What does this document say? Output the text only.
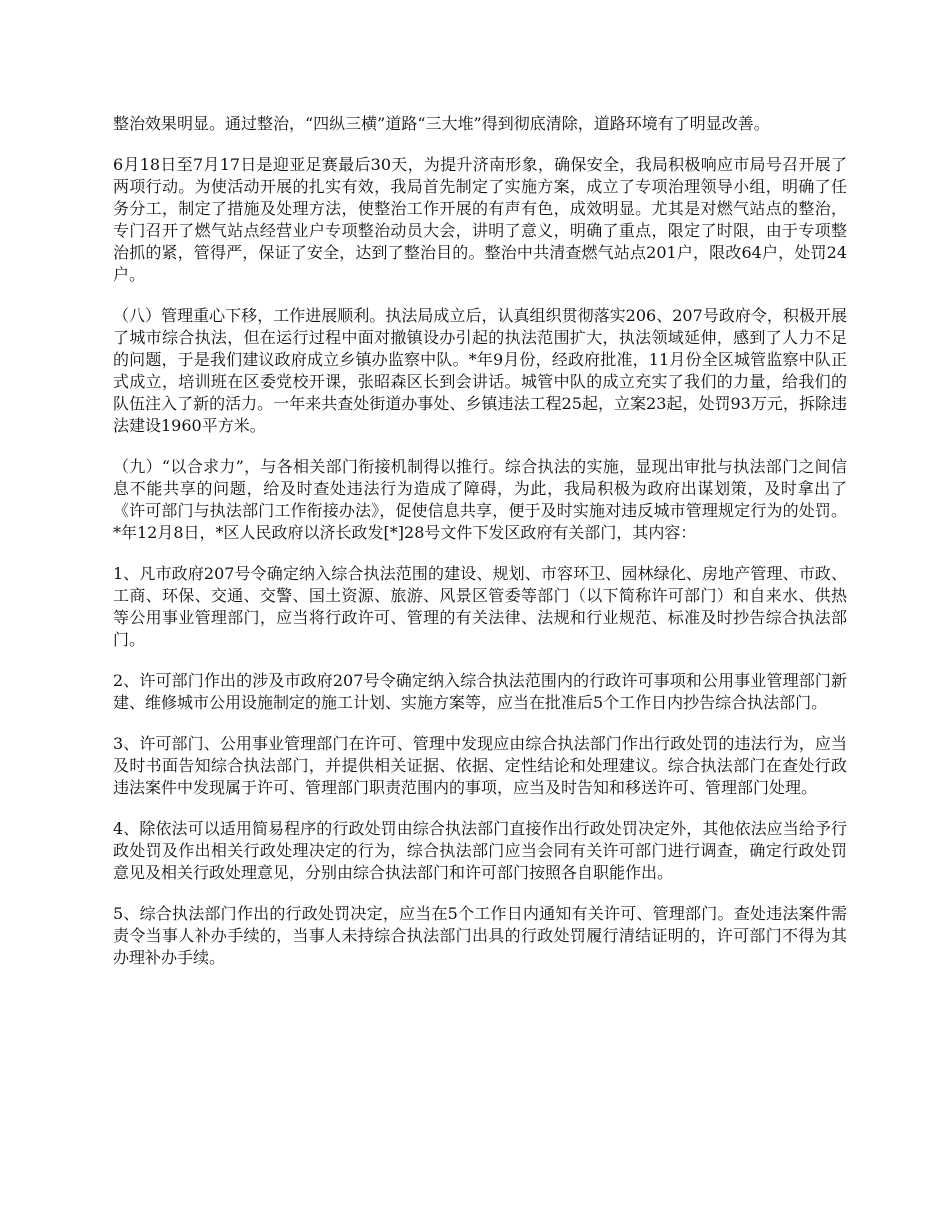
整治效果明显。通过整治，“四纵三横”道路“三大堆”得到彻底清除，道路环境有了明显改善。

6月18日至7月17日是迎亚足赛最后30天，为提升济南形象，确保安全，我局积极响应市局号召开展了两项行动。为使活动开展的扎实有效，我局首先制定了实施方案，成立了专项治理领导小组，明确了任务分工，制定了措施及处理方法，使整治工作开展的有声有色，成效明显。尤其是对燃气站点的整治，专门召开了燃气站点经营业户专项整治动员大会，讲明了意义，明确了重点，限定了时限，由于专项整治抓的紧，管得严，保证了安全，达到了整治目的。整治中共清查燃气站点201户，限改64户，处罚24户。

（八）管理重心下移，工作进展顺利。执法局成立后，认真组织贯彻落实206、207号政府令，积极开展了城市综合执法，但在运行过程中面对撤镇设办引起的执法范围扩大，执法领域延伸，感到了人力不足的问题，于是我们建议政府成立乡镇办监察中队。*年9月份，经政府批准，11月份全区城管监察中队正式成立，培训班在区委党校开课，张昭森区长到会讲话。城管中队的成立充实了我们的力量，给我们的队伍注入了新的活力。一年来共查处街道办事处、乡镇违法工程25起，立案23起，处罚93万元，拆除违法建设1960平方米。

（九）“以合求力”，与各相关部门衔接机制得以推行。综合执法的实施，显现出审批与执法部门之间信息不能共享的问题，给及时查处违法行为造成了障碍，为此，我局积极为政府出谋划策，及时拿出了《许可部门与执法部门工作衔接办法》，促使信息共享，便于及时实施对违反城市管理规定行为的处罚。*年12月8日，*区人民政府以济长政发[*]28号文件下发区政府有关部门，其内容：

1、凡市政府207号令确定纳入综合执法范围的建设、规划、市容环卫、园林绿化、房地产管理、市政、工商、环保、交通、交警、国土资源、旅游、风景区管委等部门（以下简称许可部门）和自来水、供热等公用事业管理部门，应当将行政许可、管理的有关法律、法规和行业规范、标准及时抄告综合执法部门。

2、许可部门作出的涉及市政府207号令确定纳入综合执法范围内的行政许可事项和公用事业管理部门新建、维修城市公用设施制定的施工计划、实施方案等，应当在批准后5个工作日内抄告综合执法部门。

3、许可部门、公用事业管理部门在许可、管理中发现应由综合执法部门作出行政处罚的违法行为，应当及时书面告知综合执法部门，并提供相关证据、依据、定性结论和处理建议。综合执法部门在查处行政违法案件中发现属于许可、管理部门职责范围内的事项，应当及时告知和移送许可、管理部门处理。

4、除依法可以适用简易程序的行政处罚由综合执法部门直接作出行政处罚决定外，其他依法应当给予行政处罚及作出相关行政处理决定的行为，综合执法部门应当会同有关许可部门进行调查，确定行政处罚意见及相关行政处理意见，分别由综合执法部门和许可部门按照各自职能作出。

5、综合执法部门作出的行政处罚决定，应当在5个工作日内通知有关许可、管理部门。查处违法案件需责令当事人补办手续的，当事人未持综合执法部门出具的行政处罚履行清结证明的，许可部门不得为其办理补办手续。
